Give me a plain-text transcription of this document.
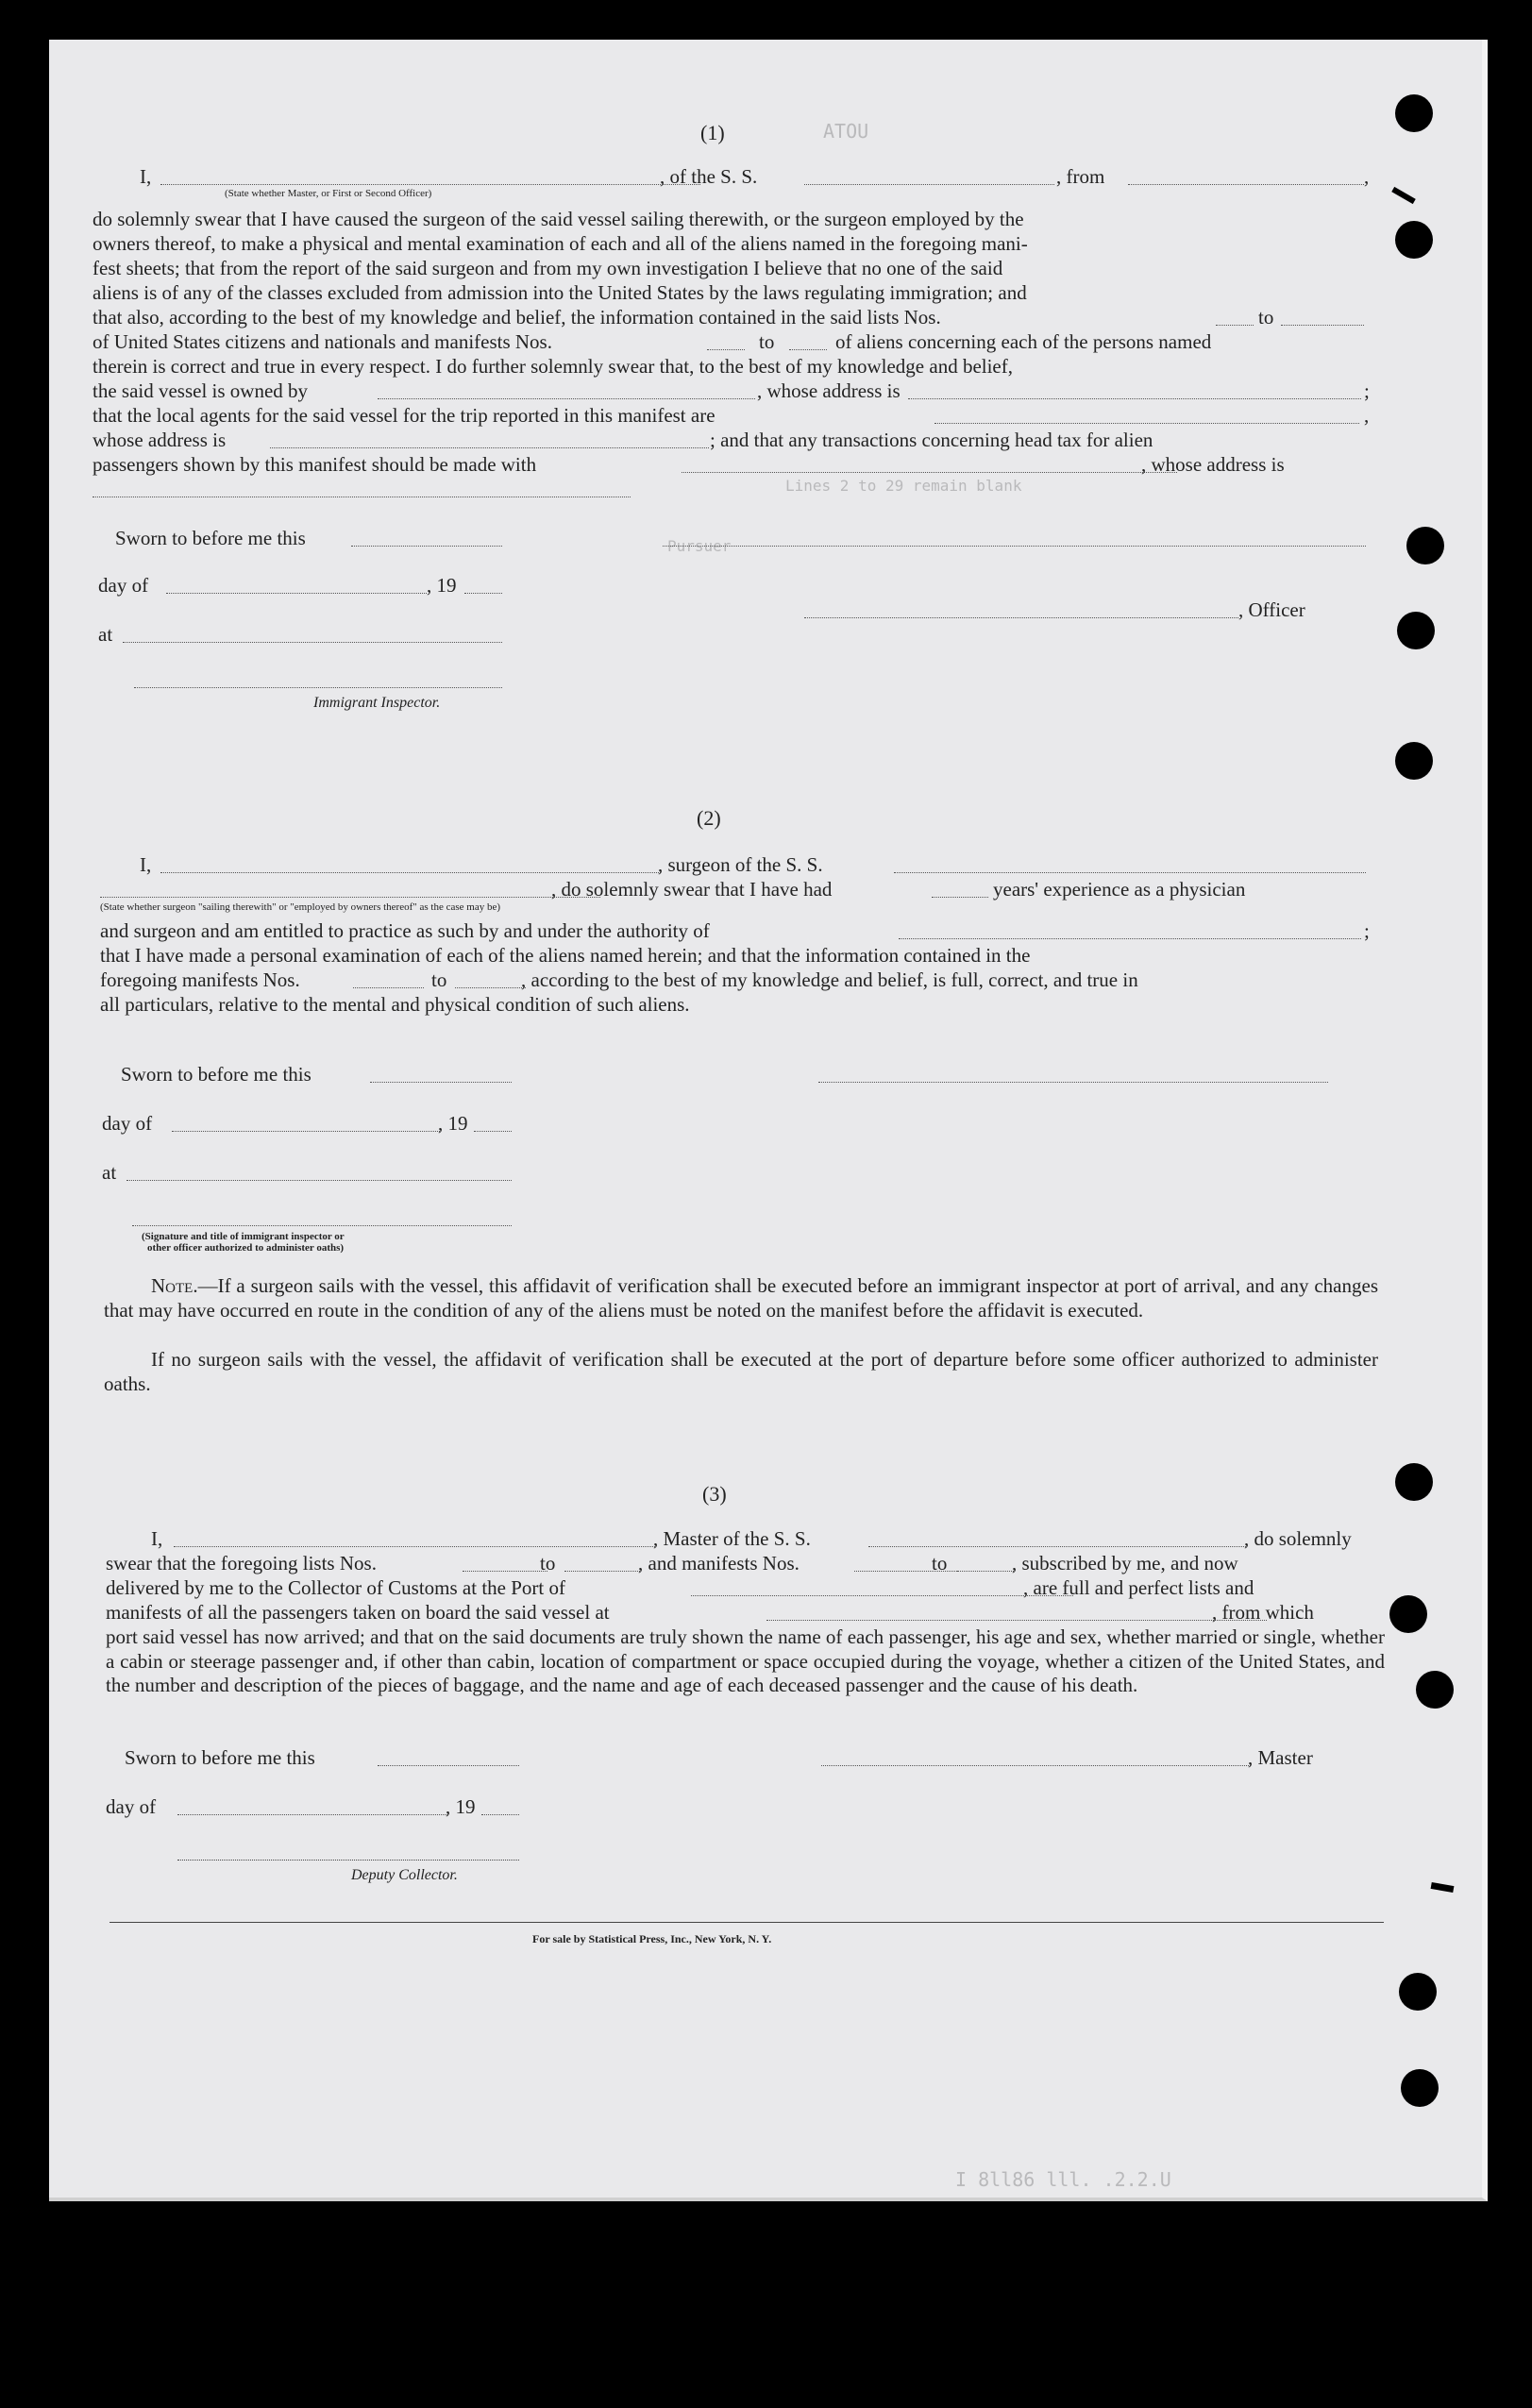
ATOU
Lines 2 to 29 remain blank
Pursuer
I 8ll86 lll. .2.2.U
(1)
I,	, of the S. S.	, from	,
(State whether Master, or First or Second Officer)
do solemnly swear that I have caused the surgeon of the said vessel sailing therewith, or the surgeon employed by the
owners thereof, to make a physical and mental examination of each and all of the aliens named in the foregoing mani-
fest sheets; that from the report of the said surgeon and from my own investigation I believe that no one of the said
aliens is of any of the classes excluded from admission into the United States by the laws regulating immigration; and
that also, according to the best of my knowledge and belief, the information contained in the said lists Nos.	to
of United States citizens and nationals and manifests Nos.	to	of aliens concerning each of the persons named
therein is correct and true in every respect. I do further solemnly swear that, to the best of my knowledge and belief,
the said vessel is owned by	, whose address is	;
that the local agents for the said vessel for the trip reported in this manifest are	,
whose address is	; and that any transactions concerning head tax for alien
passengers shown by this manifest should be made with	, whose address is
Sworn to before me this
day of	, 19
, Officer
at
Immigrant Inspector.
(2)
I,	, surgeon of the S. S.
, do solemnly swear that I have had	years' experience as a physician
(State whether surgeon "sailing therewith" or "employed by owners thereof" as the case may be)
and surgeon and am entitled to practice as such by and under the authority of	;
that I have made a personal examination of each of the aliens named herein; and that the information contained in the
foregoing manifests Nos.	to	, according to the best of my knowledge and belief, is full, correct, and true in
all particulars, relative to the mental and physical condition of such aliens.
Sworn to before me this
day of	, 19
at
(Signature and title of immigrant inspector or
other officer authorized to administer oaths)
Note.—If a surgeon sails with the vessel, this affidavit of verification shall be executed before an immigrant inspector at port of arrival, and any changes that may have occurred en route in the condition of any of the aliens must be noted on the manifest before the affidavit is executed.
If no surgeon sails with the vessel, the affidavit of verification shall be executed at the port of departure before some officer authorized to administer oaths.
(3)
I,	, Master of the S. S.	, do solemnly
swear that the foregoing lists Nos.	to	, and manifests Nos.	to	, subscribed by me, and now
delivered by me to the Collector of Customs at the Port of	, are full and perfect lists and
manifests of all the passengers taken on board the said vessel at	, from which
port said vessel has now arrived; and that on the said documents are truly shown the name of each passenger, his age and sex, whether married or single, whether a cabin or steerage passenger and, if other than cabin, location of compartment or space occupied during the voyage, whether a citizen of the United States, and the number and description of the pieces of baggage, and the name and age of each deceased passenger and the cause of his death.
Sworn to before me this	, Master
day of	, 19
Deputy Collector.
For sale by Statistical Press, Inc., New York, N. Y.
